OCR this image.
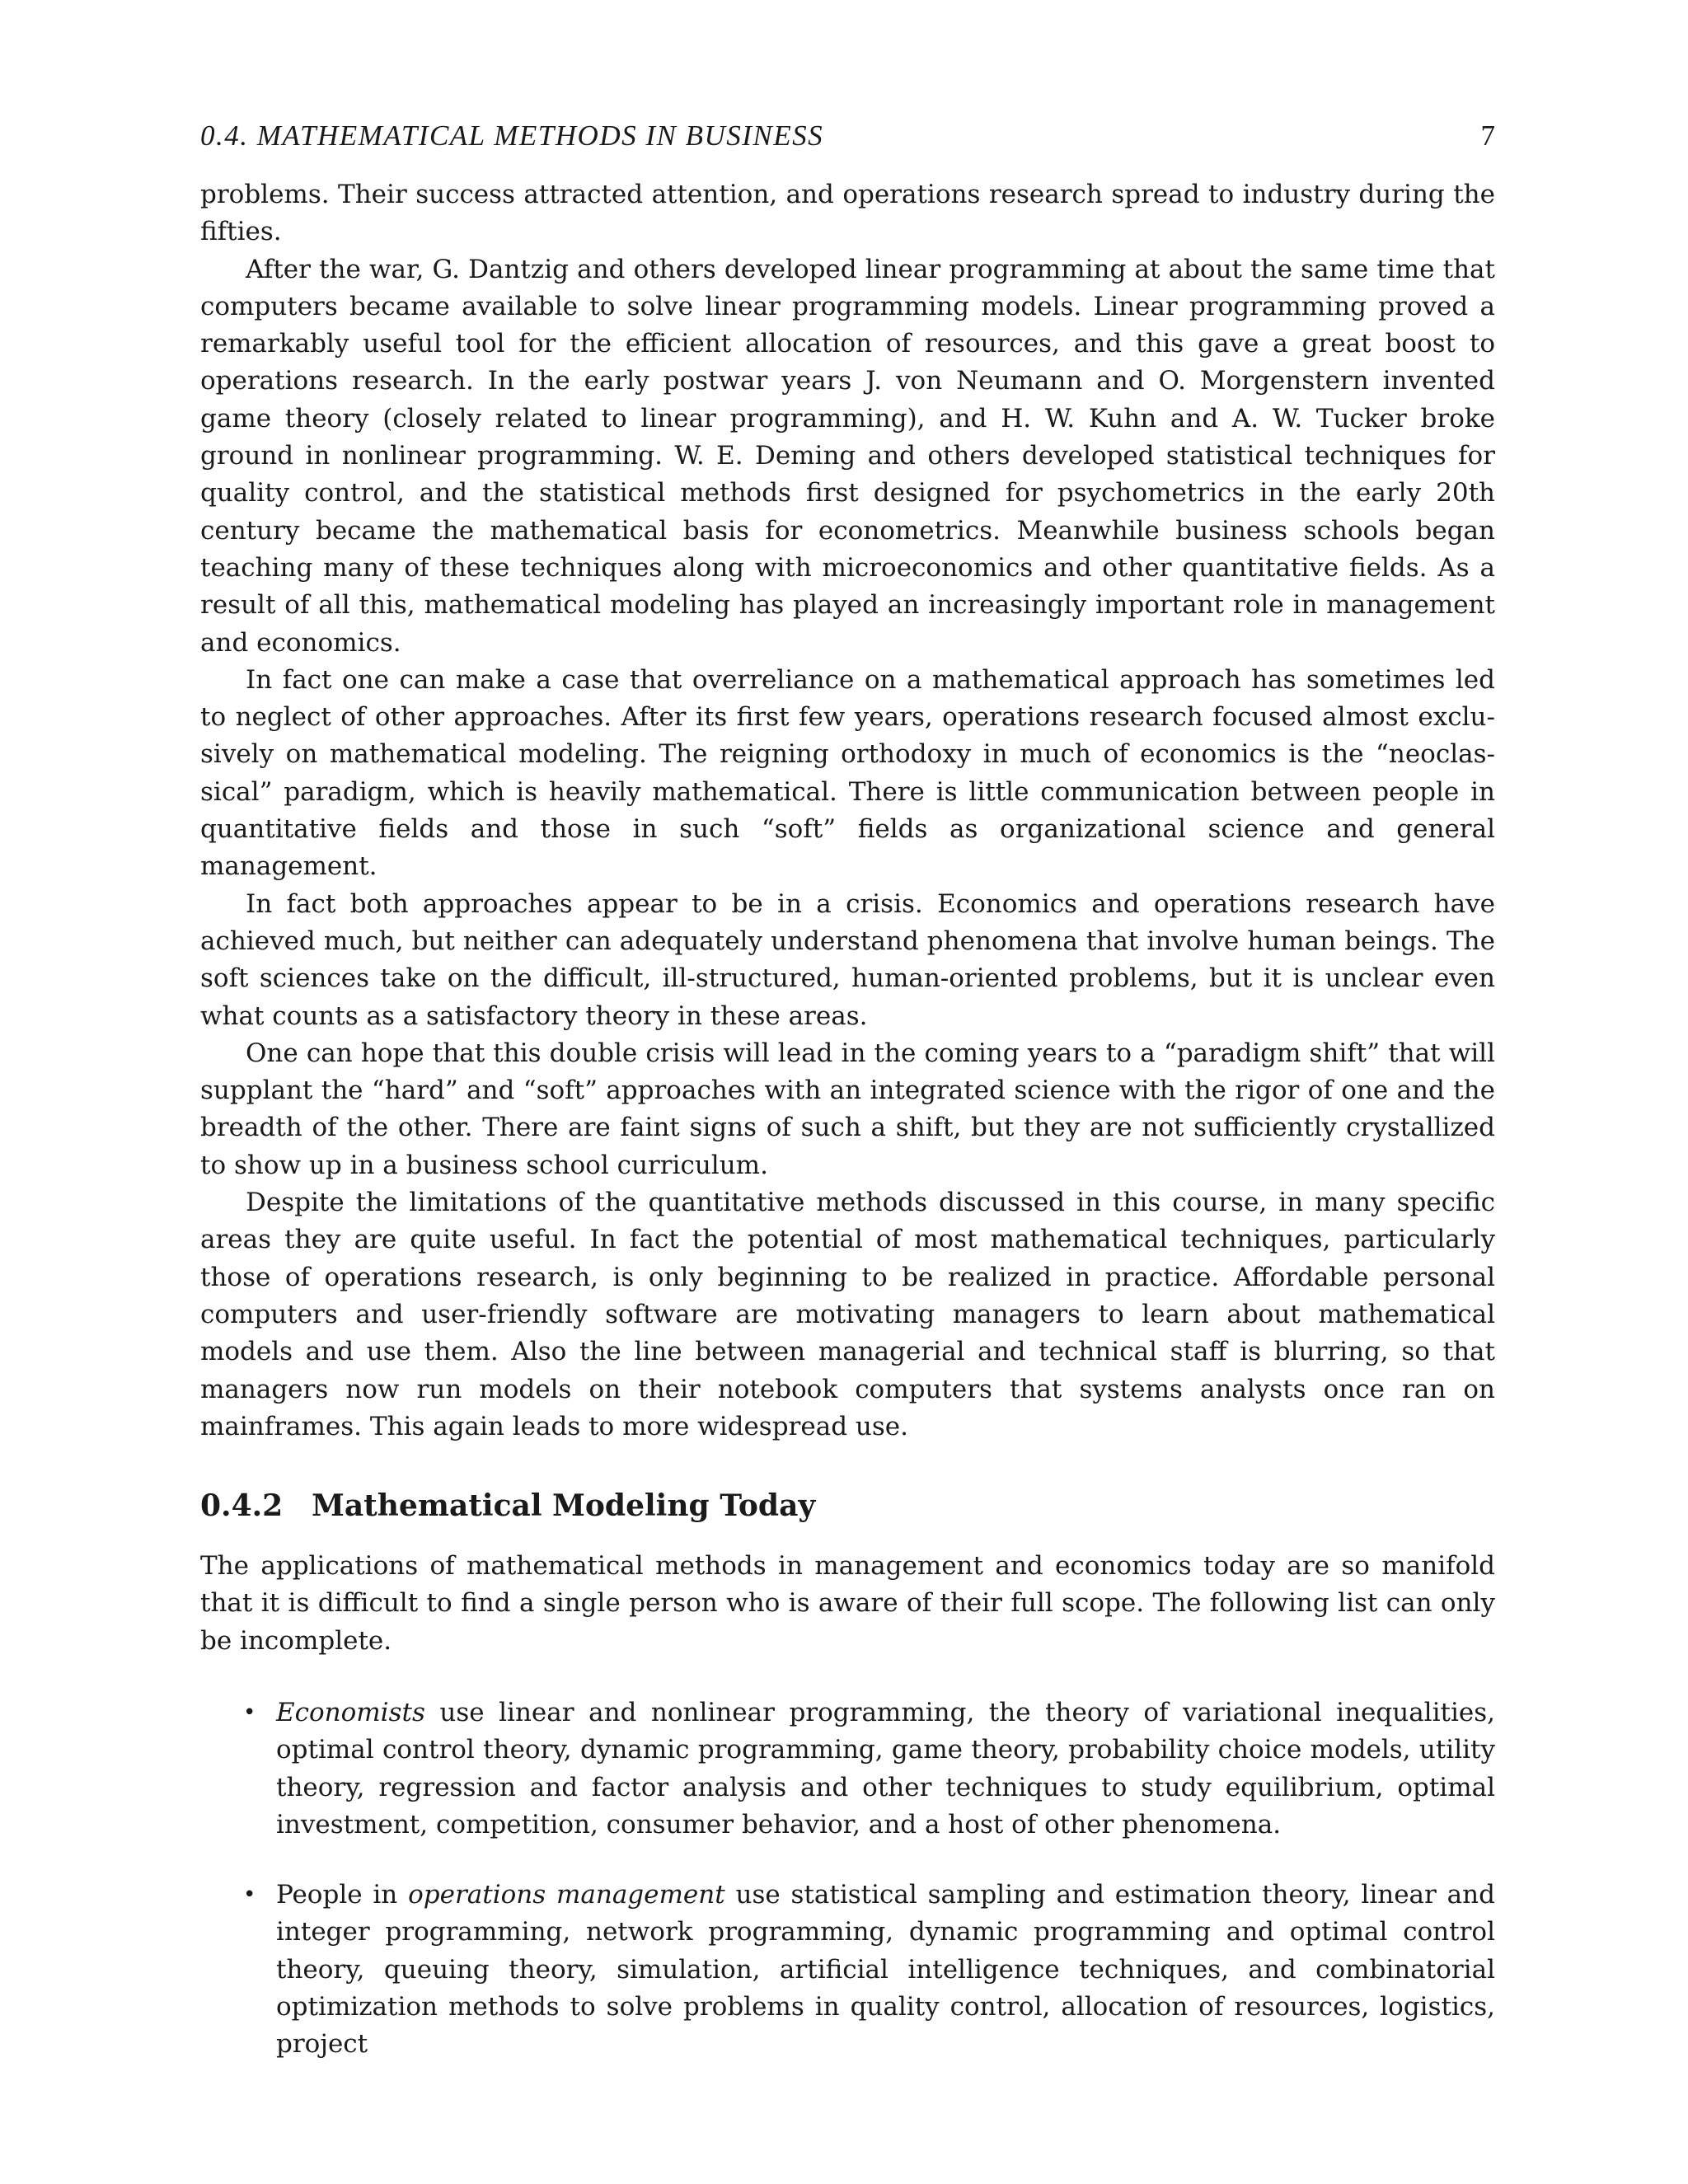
0.4. MATHEMATICAL METHODS IN BUSINESS	7

problems. Their success attracted attention, and operations research spread to industry during the fifties.

After the war, G. Dantzig and others developed linear programming at about the same time that computers became available to solve linear programming models. Linear programming proved a remarkably useful tool for the efficient allocation of resources, and this gave a great boost to operations research. In the early postwar years J. von Neumann and O. Morgenstern invented game theory (closely related to linear programming), and H. W. Kuhn and A. W. Tucker broke ground in nonlinear programming. W. E. Deming and others developed statistical techniques for quality control, and the statistical methods first designed for psychometrics in the early 20th century became the mathematical basis for econometrics. Meanwhile business schools began teaching many of these techniques along with microeconomics and other quantitative fields. As a result of all this, mathematical modeling has played an increasingly important role in management and economics.

In fact one can make a case that overreliance on a mathematical approach has sometimes led to neglect of other approaches. After its first few years, operations research focused almost exclusively on mathematical modeling. The reigning orthodoxy in much of economics is the “neoclassical” paradigm, which is heavily mathematical. There is little communication between people in quantitative fields and those in such “soft” fields as organizational science and general management.

In fact both approaches appear to be in a crisis. Economics and operations research have achieved much, but neither can adequately understand phenomena that involve human beings. The soft sciences take on the difficult, ill-structured, human-oriented problems, but it is unclear even what counts as a satisfactory theory in these areas.

One can hope that this double crisis will lead in the coming years to a “paradigm shift” that will supplant the “hard” and “soft” approaches with an integrated science with the rigor of one and the breadth of the other. There are faint signs of such a shift, but they are not sufficiently crystallized to show up in a business school curriculum.

Despite the limitations of the quantitative methods discussed in this course, in many specific areas they are quite useful. In fact the potential of most mathematical techniques, particularly those of operations research, is only beginning to be realized in practice. Affordable personal computers and user-friendly software are motivating managers to learn about mathematical models and use them. Also the line between managerial and technical staff is blurring, so that managers now run models on their notebook computers that systems analysts once ran on mainframes. This again leads to more widespread use.

0.4.2 Mathematical Modeling Today

The applications of mathematical methods in management and economics today are so manifold that it is difficult to find a single person who is aware of their full scope. The following list can only be incomplete.

• Economists use linear and nonlinear programming, the theory of variational inequalities, optimal control theory, dynamic programming, game theory, probability choice models, utility theory, regression and factor analysis and other techniques to study equilibrium, optimal investment, competition, consumer behavior, and a host of other phenomena.
• People in operations management use statistical sampling and estimation theory, linear and integer programming, network programming, dynamic programming and optimal control theory, queuing theory, simulation, artificial intelligence techniques, and combinatorial optimization methods to solve problems in quality control, allocation of resources, logistics, project
